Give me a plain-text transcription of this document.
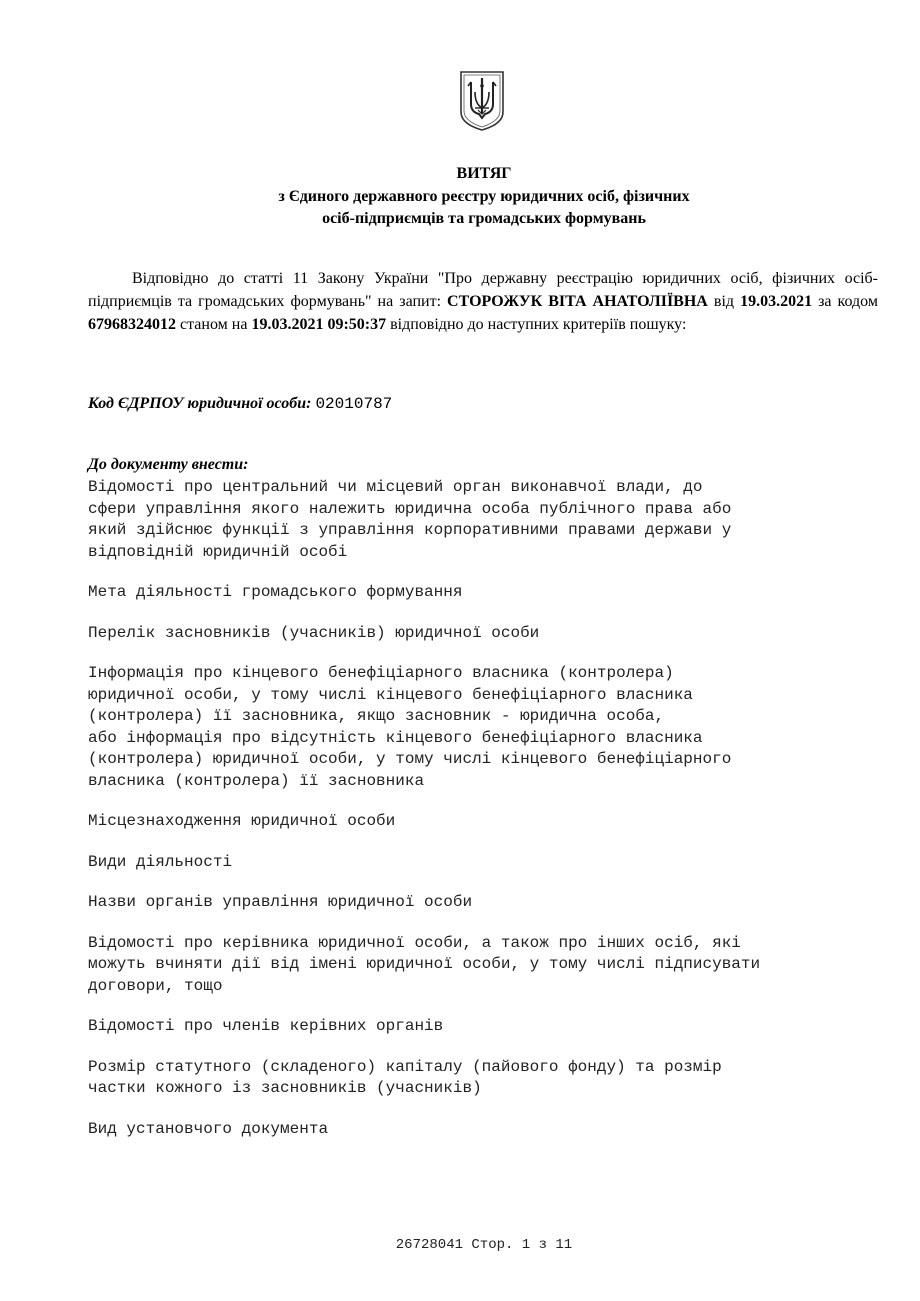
ВИТЯГ
з Єдиного державного реєстру юридичних осіб, фізичних
осіб-підприємців та громадських формувань
Відповідно до статті 11 Закону України "Про державну реєстрацію юридичних осіб, фізичних осіб-підприємців та громадських формувань" на запит: СТОРОЖУК ВІТА АНАТОЛІЇВНА від 19.03.2021 за кодом 67968324012 станом на 19.03.2021 09:50:37 відповідно до наступних критеріїв пошуку:
Код ЄДРПОУ юридичної особи: 02010787
До документу внести:
Відомості про центральний чи місцевий орган виконавчої влади, до
сфери управління якого належить юридична особа публічного права або
який здійснює функції з управління корпоративними правами держави у
відповідній юридичній особі
Мета діяльності громадського формування
Перелік засновників (учасників) юридичної особи
Інформація про кінцевого бенефіціарного власника (контролера)
юридичної особи, у тому числі кінцевого бенефіціарного власника
(контролера) її засновника, якщо засновник - юридична особа,
або інформація про відсутність кінцевого бенефіціарного власника
(контролера) юридичної особи, у тому числі кінцевого бенефіціарного
власника (контролера) її засновника
Місцезнаходження юридичної особи
Види діяльності
Назви органів управління юридичної особи
Відомості про керівника юридичної особи, а також про інших осіб, які
можуть вчиняти дії від імені юридичної особи, у тому числі підписувати
договори, тощо
Відомості про членів керівних органів
Розмір статутного (складеного) капіталу (пайового фонду) та розмір
частки кожного із засновників (учасників)
Вид установчого документа
26728041 Стор. 1 з 11
